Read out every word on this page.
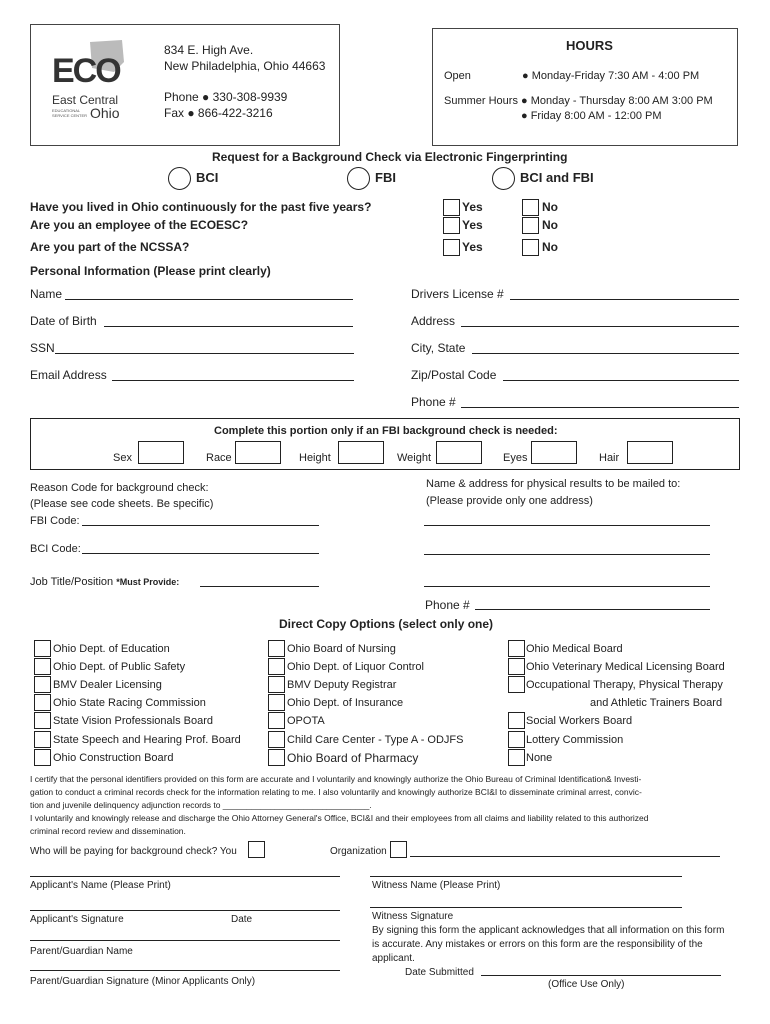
ECO
East Central
EDUCATIONAL SERVICE CENTER Ohio
834 E. High Ave.
New Philadelphia, Ohio 44663
Phone ● 330-308-9939
Fax ● 866-422-3216
HOURS
Open	● Monday-Friday 7:30 AM - 4:00 PM
Summer Hours ● Monday - Thursday 8:00 AM 3:00 PM
● Friday 8:00 AM - 12:00 PM
Request for a Background Check via Electronic Fingerprinting
BCI	FBI	BCI and FBI
Have you lived in Ohio continuously for the past five years?	Yes	No
Are you an employee of the ECOESC?	Yes	No
Are you part of the NCSSA?	Yes	No
Personal Information (Please print clearly)
Name
Date of Birth
SSN
Email Address
Drivers License #
Address
City, State
Zip/Postal Code
Phone #
Complete this portion only if an FBI background check is needed:
Sex	Race	Height	Weight	Eyes	Hair
Reason Code for background check:
(Please see code sheets. Be specific)
FBI Code:
BCI Code:
Job Title/Position *Must Provide:
Name & address for physical results to be mailed to:
(Please provide only one address)
Phone #
Direct Copy Options (select only one)
Ohio Dept. of Education
Ohio Dept. of Public Safety
BMV Dealer Licensing
Ohio State Racing Commission
State Vision Professionals Board
State Speech and Hearing Prof. Board
Ohio Construction Board
Ohio Board of Nursing
Ohio Dept. of Liquor Control
BMV Deputy Registrar
Ohio Dept. of Insurance
OPOTA
Child Care Center - Type A - ODJFS
Ohio Board of Pharmacy
Ohio Medical Board
Ohio Veterinary Medical Licensing Board
Occupational Therapy, Physical Therapy
and Athletic Trainers Board
Social Workers Board
Lottery Commission
None
I certify that the personal identifiers provided on this form are accurate and I voluntarily and knowingly authorize the Ohio Bureau of Criminal Identification& Investi-
gation to conduct a criminal records check for the information relating to me. I also voluntarily and knowingly authorize BCI&I to disseminate criminal arrest, convic-
tion and juvenile delinquency adjunction records to _______________________________.
I voluntarily and knowingly release and discharge the Ohio Attorney General's Office, BCI&I and their employees from all claims and liability related to this authorized
criminal record review and dissemination.
Who will be paying for background check? You	Organization
Applicant's Name (Please Print)
Applicant's Signature	Date
Parent/Guardian Name
Parent/Guardian Signature (Minor Applicants Only)
Witness Name (Please Print)
Witness Signature
By signing this form the applicant acknowledges that all information on this form
is accurate. Any mistakes or errors on this form are the responsibility of the
applicant.
Date Submitted
(Office Use Only)
